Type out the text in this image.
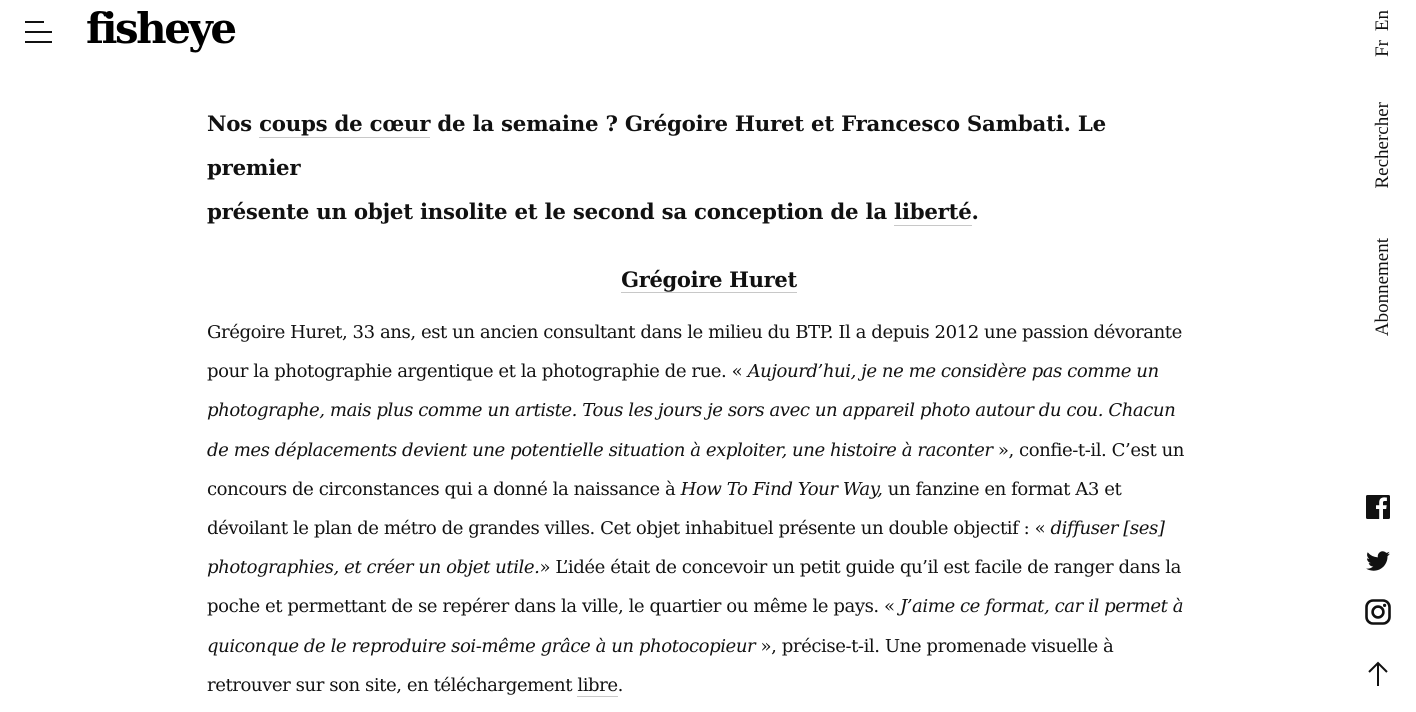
fisheye	En
Fr
Rechercher
Abonnement

Nos coups de cœur de la semaine ? Grégoire Huret et Francesco Sambati. Le premier
présente un objet insolite et le second sa conception de la liberté.

Grégoire Huret

Grégoire Huret, 33 ans, est un ancien consultant dans le milieu du BTP. Il a depuis 2012 une passion dévorante
pour la photographie argentique et la photographie de rue. « Aujourd’hui, je ne me considère pas comme un
photographe, mais plus comme un artiste. Tous les jours je sors avec un appareil photo autour du cou. Chacun
de mes déplacements devient une potentielle situation à exploiter, une histoire à raconter », confie-t-il. C’est un
concours de circonstances qui a donné la naissance à How To Find Your Way, un fanzine en format A3 et
dévoilant le plan de métro de grandes villes. Cet objet inhabituel présente un double objectif : « diffuser [ses]
photographies, et créer un objet utile.» L’idée était de concevoir un petit guide qu’il est facile de ranger dans la
poche et permettant de se repérer dans la ville, le quartier ou même le pays. « J’aime ce format, car il permet à
quiconque de le reproduire soi-même grâce à un photocopieur », précise-t-il. Une promenade visuelle à
retrouver sur son site, en téléchargement libre.
